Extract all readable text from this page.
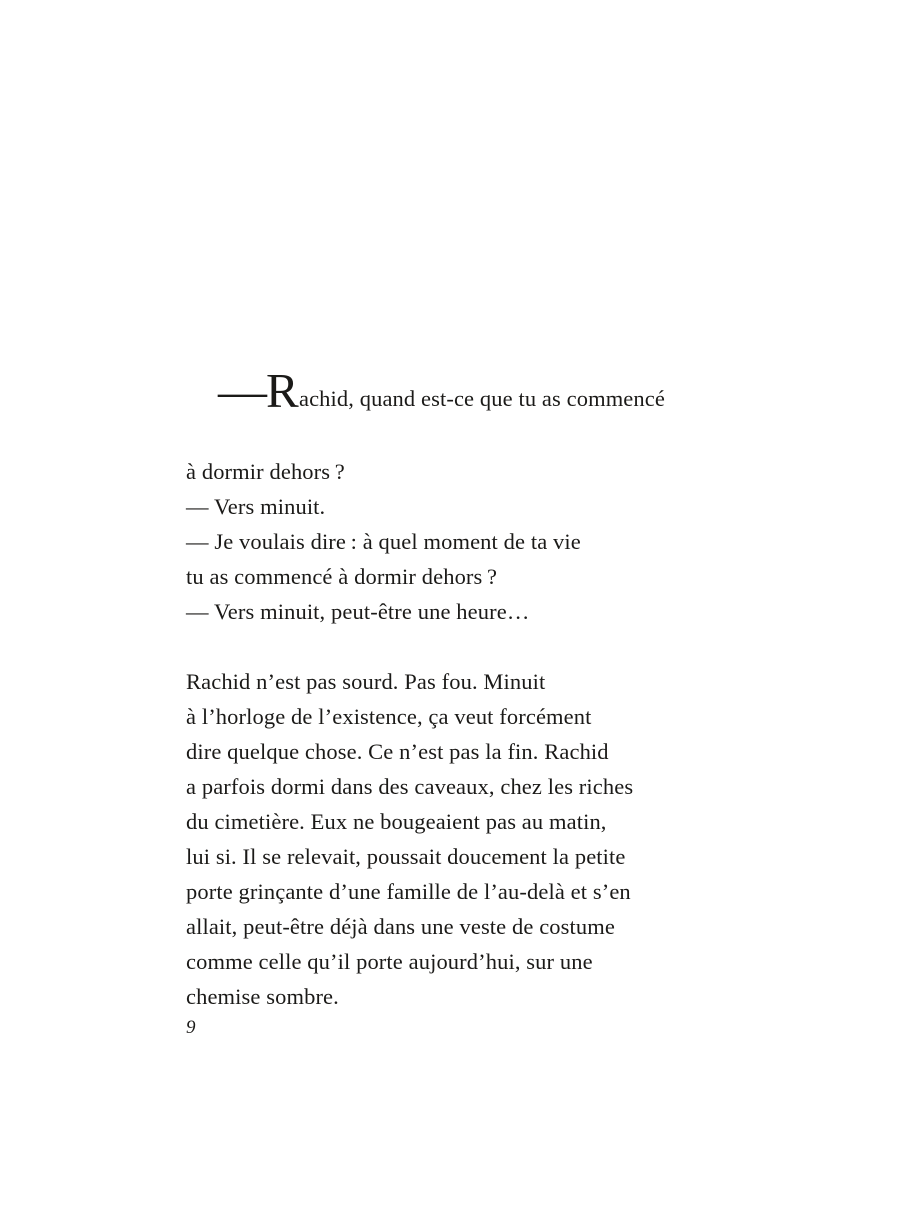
—Rachid, quand est-ce que tu as commencé

à dormir dehors ?
— Vers minuit.
— Je voulais dire : à quel moment de ta vie
tu as commencé à dormir dehors ?
— Vers minuit, peut-être une heure…
Rachid n’est pas sourd. Pas fou. Minuit
à l’horloge de l’existence, ça veut forcément
dire quelque chose. Ce n’est pas la fin. Rachid
a parfois dormi dans des caveaux, chez les riches
du cimetière. Eux ne bougeaient pas au matin,
lui si. Il se relevait, poussait doucement la petite
porte grinçante d’une famille de l’au-delà et s’en
allait, peut-être déjà dans une veste de costume
comme celle qu’il porte aujourd’hui, sur une
chemise sombre.
9
